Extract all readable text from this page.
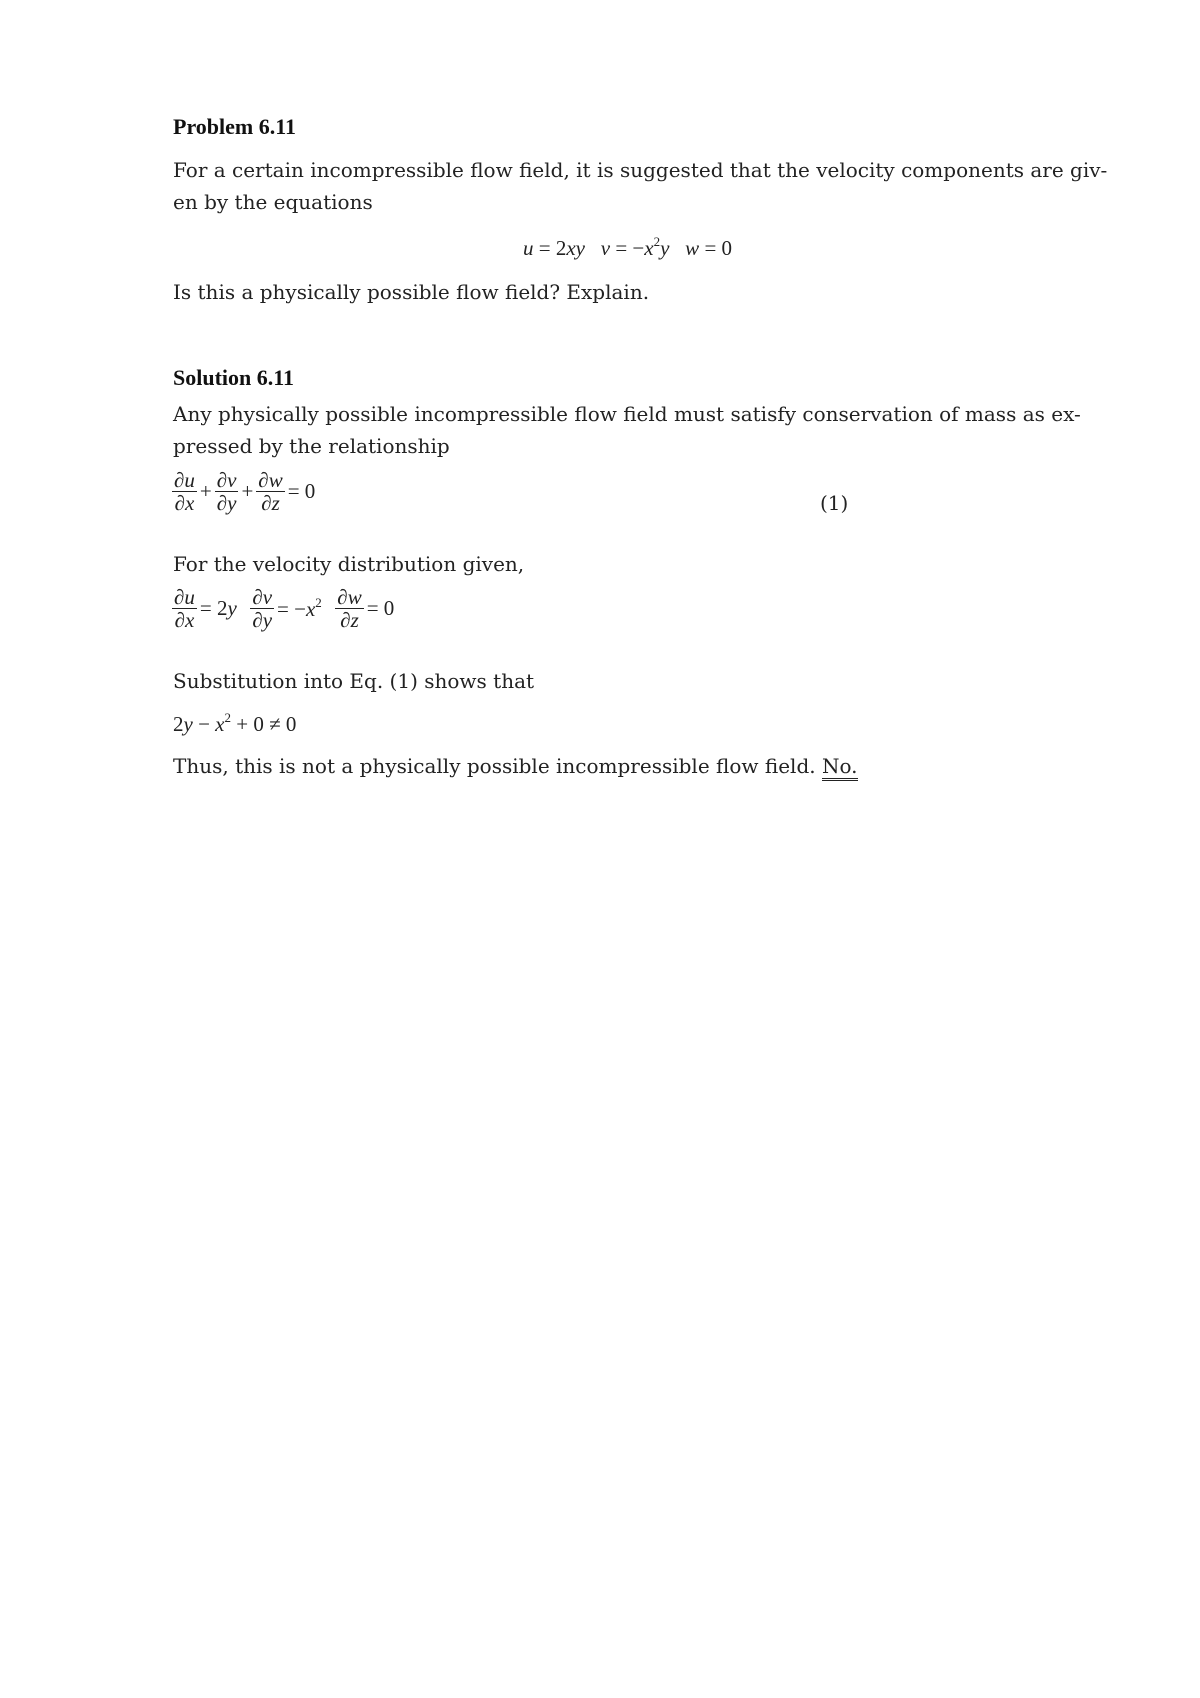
Problem 6.11
For a certain incompressible flow field, it is suggested that the velocity components are giv-
en by the equations
u = 2xy $v = -x^2y$ w = 0
Is this a physically possible flow field? Explain.
Solution 6.11
Any physically possible incompressible flow field must satisfy conservation of mass as ex-
pressed by the relationship
$\frac{\partial u}{\partial x} + \frac{\partial v}{\partial y} + \frac{\partial w}{\partial z} = 0$	(1)
For the velocity distribution given,
$\frac{\partial u}{\partial x} = 2y \frac{\partial v}{\partial y} = -x^2 \frac{\partial w}{\partial z} = 0$
Substitution into Eq. (1) shows that
$2y - x^2 + 0 \ne 0$
Thus, this is not a physically possible incompressible flow field. No.
